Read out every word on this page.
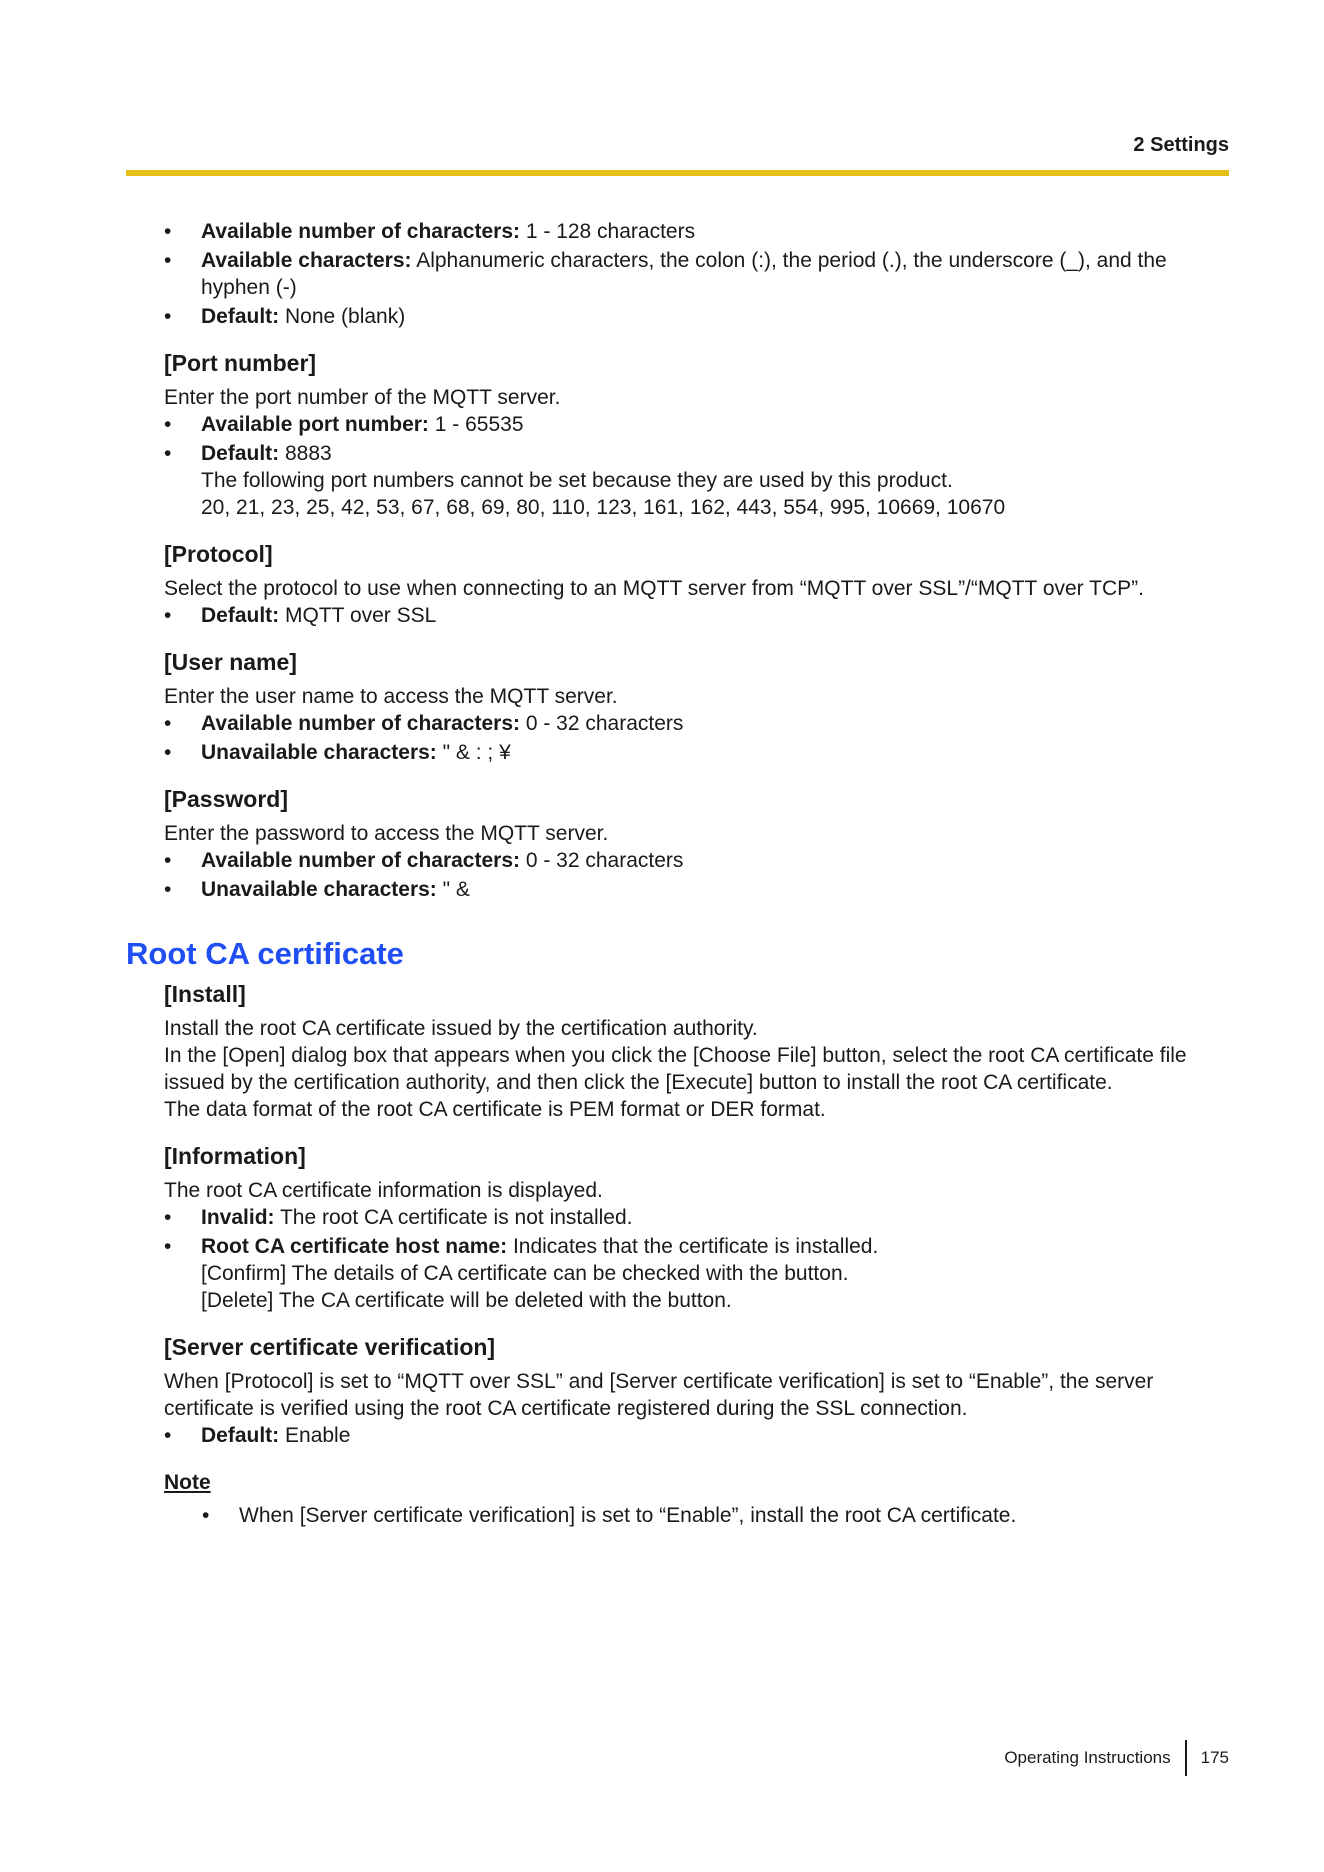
2 Settings
• Available number of characters: 1 - 128 characters
• Available characters: Alphanumeric characters, the colon (:), the period (.), the underscore (_), and the hyphen (-)
• Default: None (blank)
[Port number]

Enter the port number of the MQTT server.

• Available port number: 1 - 65535
• Default: 8883
The following port numbers cannot be set because they are used by this product.
20, 21, 23, 25, 42, 53, 67, 68, 69, 80, 110, 123, 161, 162, 443, 554, 995, 10669, 10670
[Protocol]

Select the protocol to use when connecting to an MQTT server from “MQTT over SSL”/“MQTT over TCP”.

• Default: MQTT over SSL
[User name]

Enter the user name to access the MQTT server.

• Available number of characters: 0 - 32 characters
• Unavailable characters: " & : ; ¥
[Password]

Enter the password to access the MQTT server.

• Available number of characters: 0 - 32 characters
• Unavailable characters: " &
Root CA certificate
[Install]

Install the root CA certificate issued by the certification authority.

In the [Open] dialog box that appears when you click the [Choose File] button, select the root CA certificate file issued by the certification authority, and then click the [Execute] button to install the root CA certificate.

The data format of the root CA certificate is PEM format or DER format.

[Information]

The root CA certificate information is displayed.

• Invalid: The root CA certificate is not installed.
• Root CA certificate host name: Indicates that the certificate is installed.
[Confirm] The details of CA certificate can be checked with the button.
[Delete] The CA certificate will be deleted with the button.
[Server certificate verification]

When [Protocol] is set to “MQTT over SSL” and [Server certificate verification] is set to “Enable”, the server certificate is verified using the root CA certificate registered during the SSL connection.

• Default: Enable
Note
• When [Server certificate verification] is set to “Enable”, install the root CA certificate.
Operating Instructions 175
